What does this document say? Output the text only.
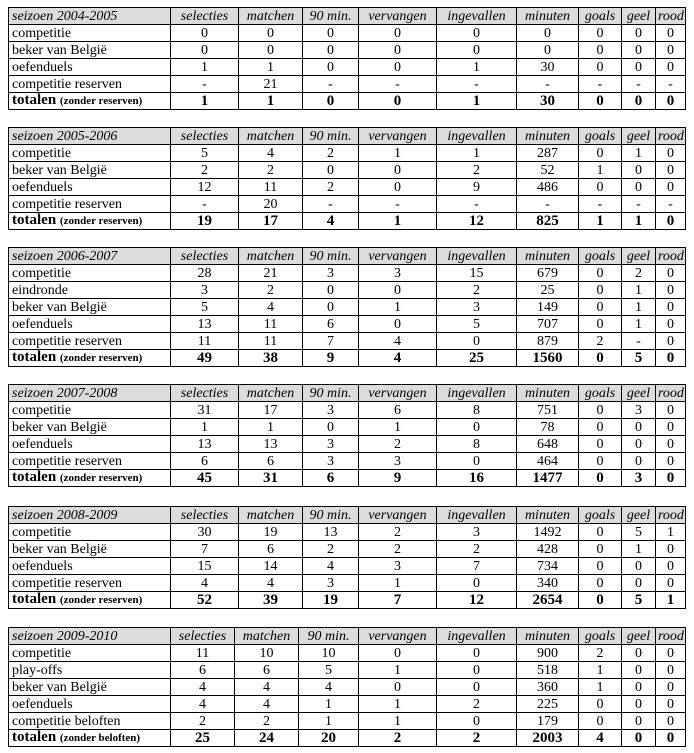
seizoen 2004-2005	selecties	matchen	90 min.	vervangen	ingevallen	minuten	goals	geel	rood
competitie	0	0	0	0	0	0	0	0	0
beker van België	0	0	0	0	0	0	0	0	0
oefenduels	1	1	0	0	1	30	0	0	0
competitie reserven	-	21	-	-	-	-	-	-	-
totalen (zonder reserven)	1	1	0	0	1	30	0	0	0
seizoen 2005-2006	selecties	matchen	90 min.	vervangen	ingevallen	minuten	goals	geel	rood
competitie	5	4	2	1	1	287	0	1	0
beker van België	2	2	0	0	2	52	1	0	0
oefenduels	12	11	2	0	9	486	0	0	0
competitie reserven	-	20	-	-	-	-	-	-	-
totalen (zonder reserven)	19	17	4	1	12	825	1	1	0
seizoen 2006-2007	selecties	matchen	90 min.	vervangen	ingevallen	minuten	goals	geel	rood
competitie	28	21	3	3	15	679	0	2	0
eindronde	3	2	0	0	2	25	0	1	0
beker van België	5	4	0	1	3	149	0	1	0
oefenduels	13	11	6	0	5	707	0	1	0
competitie reserven	11	11	7	4	0	879	2	-	0
totalen (zonder reserven)	49	38	9	4	25	1560	0	5	0
seizoen 2007-2008	selecties	matchen	90 min.	vervangen	ingevallen	minuten	goals	geel	rood
competitie	31	17	3	6	8	751	0	3	0
beker van België	1	1	0	1	0	78	0	0	0
oefenduels	13	13	3	2	8	648	0	0	0
competitie reserven	6	6	3	3	0	464	0	0	0
totalen (zonder reserven)	45	31	6	9	16	1477	0	3	0
seizoen 2008-2009	selecties	matchen	90 min.	vervangen	ingevallen	minuten	goals	geel	rood
competitie	30	19	13	2	3	1492	0	5	1
beker van België	7	6	2	2	2	428	0	1	0
oefenduels	15	14	4	3	7	734	0	0	0
competitie reserven	4	4	3	1	0	340	0	0	0
totalen (zonder reserven)	52	39	19	7	12	2654	0	5	1
seizoen 2009-2010	selecties	matchen	90 min.	vervangen	ingevallen	minuten	goals	geel	rood
competitie	11	10	10	0	0	900	2	0	0
play-offs	6	6	5	1	0	518	1	0	0
beker van België	4	4	4	0	0	360	1	0	0
oefenduels	4	4	1	1	2	225	0	0	0
competitie beloften	2	2	1	1	0	179	0	0	0
totalen (zonder beloften)	25	24	20	2	2	2003	4	0	0
